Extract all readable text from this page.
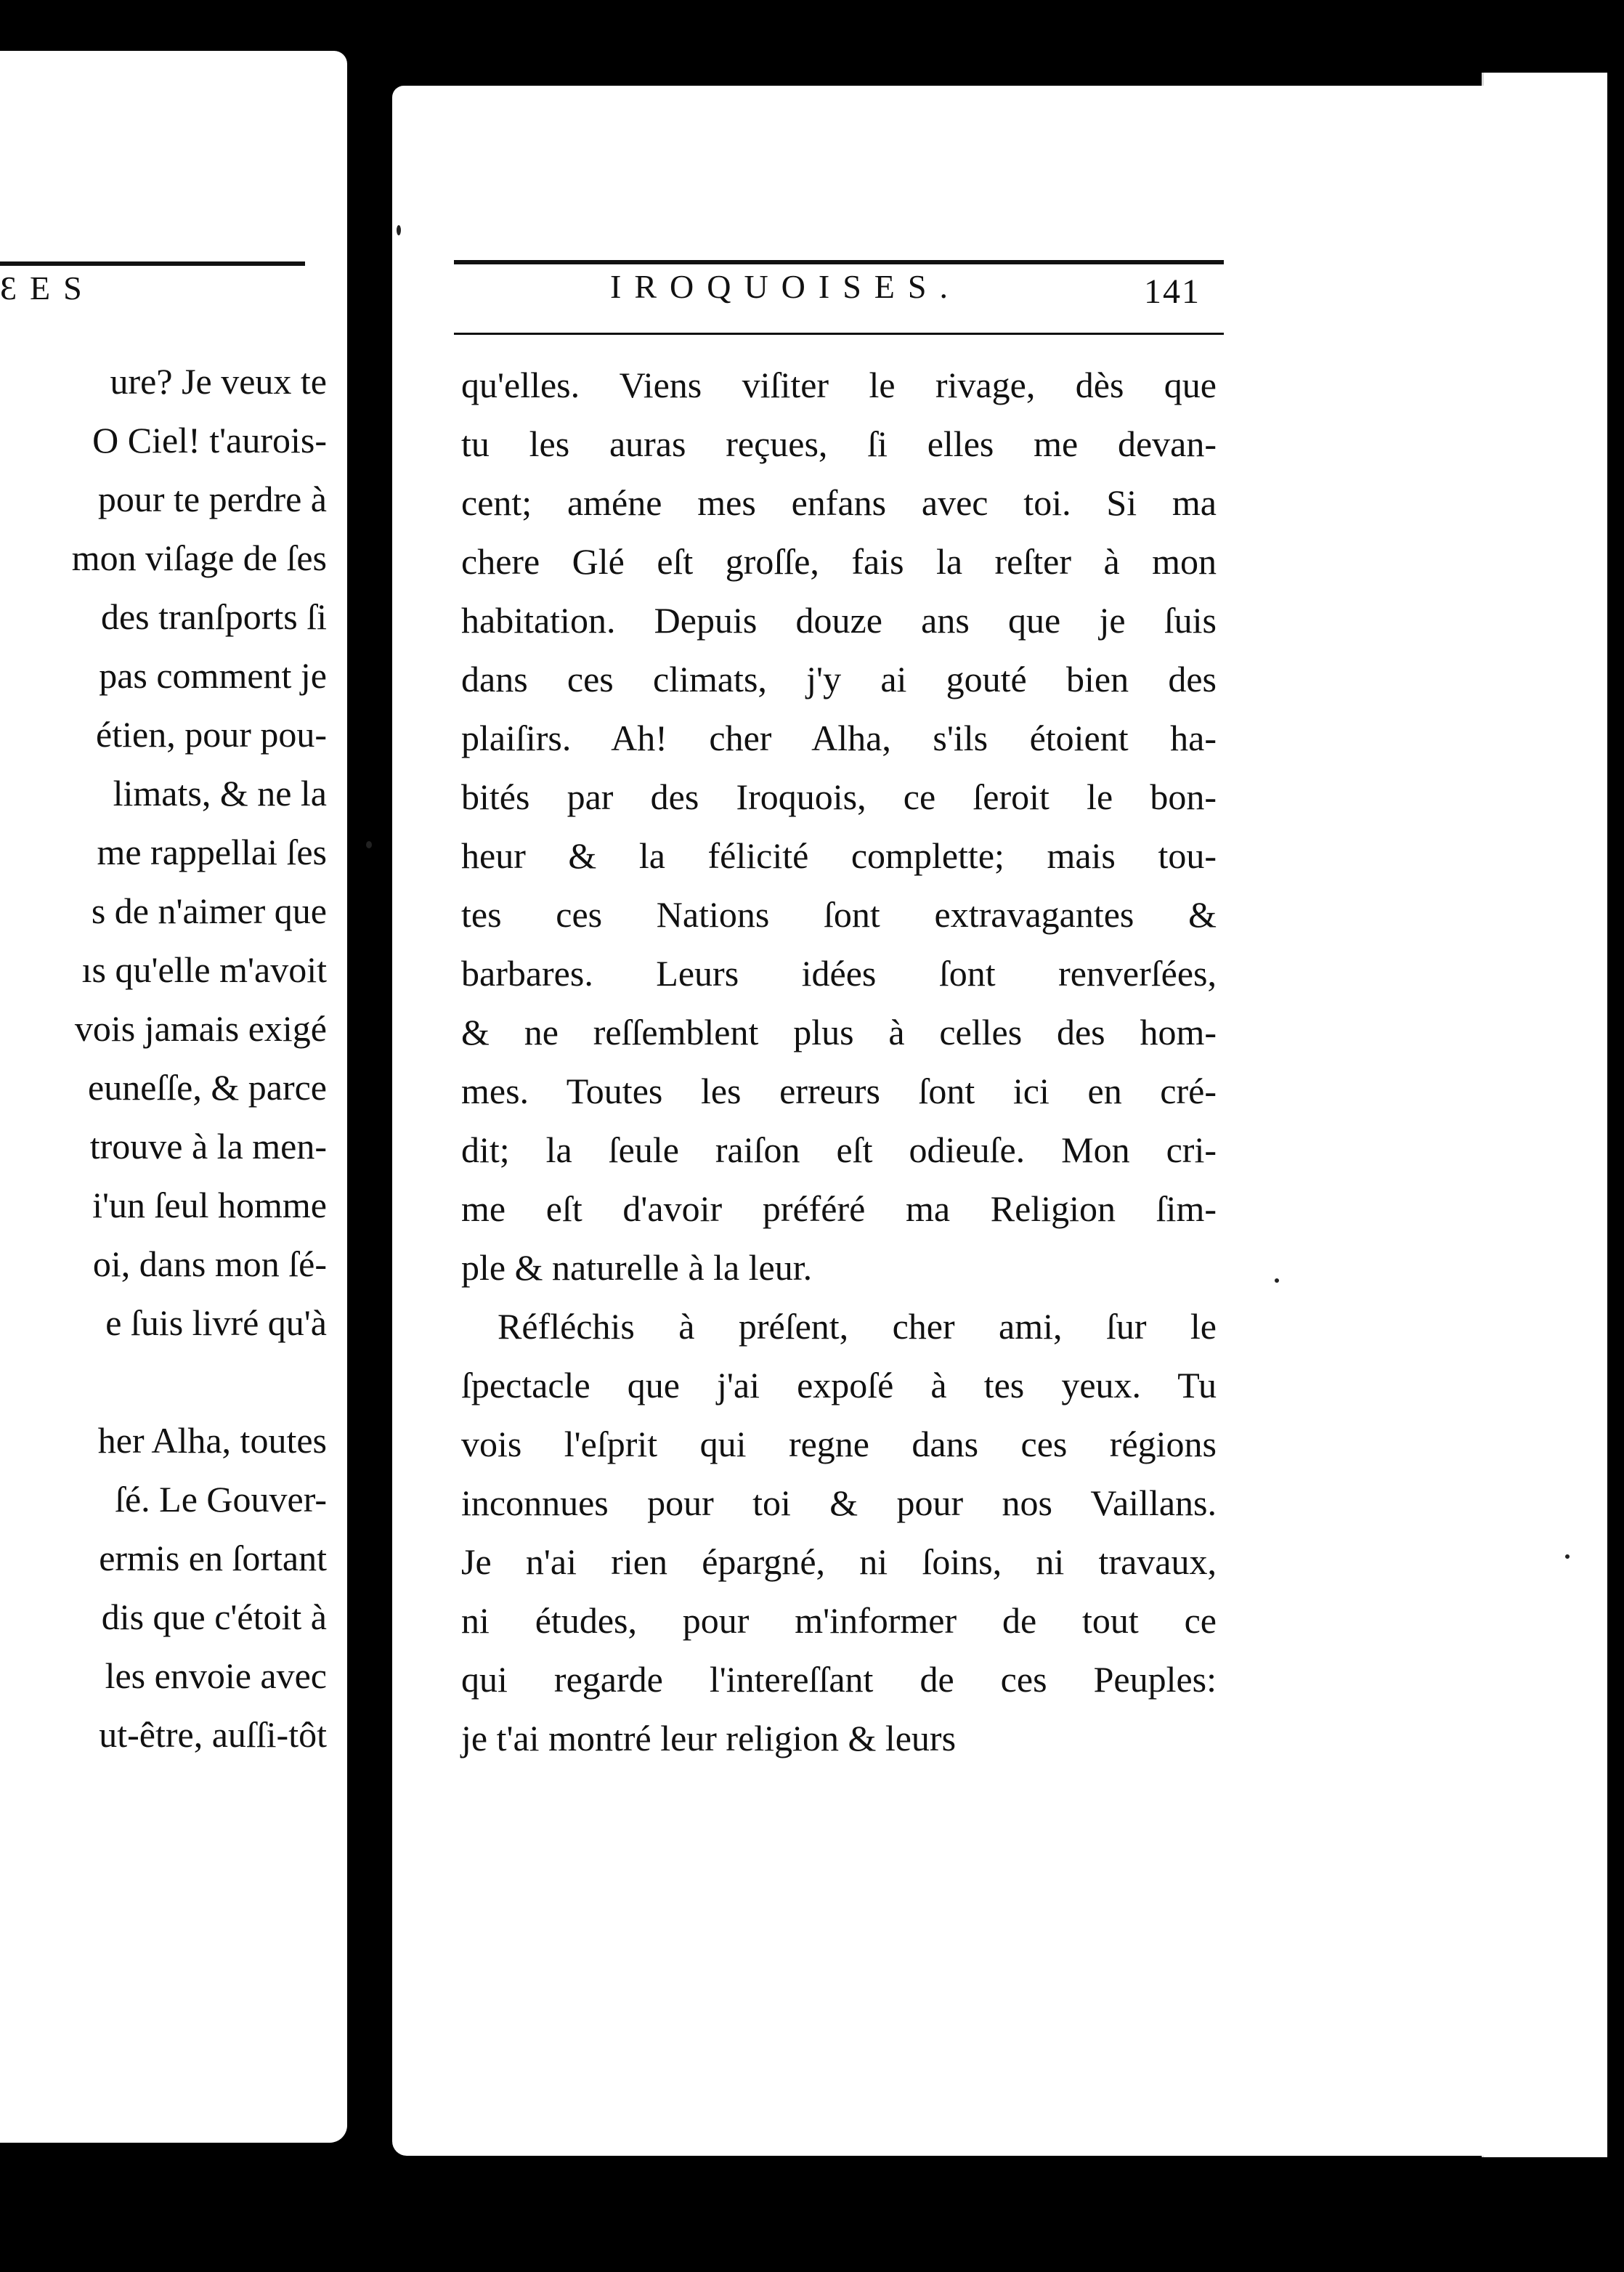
ƐES
ure? Je veux te
O Ciel! t'aurois-
pour te perdre à
mon viſage de ſes
des tranſports ſi
pas comment je
étien, pour pou-
limats, & ne la
me rappellai ſes
s de n'aimer que
ıs qu'elle m'avoit
vois jamais exigé
euneſſe, & parce
trouve à la men-
i'un ſeul homme
oi, dans mon ſé-
e ſuis livré qu'à

her Alha, toutes
ſé. Le Gouver-
ermis en ſortant
dis que c'étoit à
les envoie avec
ut-être, auſſi-tôt
IROQUOISES.	141
qu'elles. Viens viſiter le rivage, dès que
tu les auras reçues, ſi elles me devan-
cent; améne mes enfans avec toi. Si ma
chere Glé eſt groſſe, fais la reſter à mon
habitation. Depuis douze ans que je ſuis
dans ces climats, j'y ai gouté bien des
plaiſirs. Ah! cher Alha, s'ils étoient ha-
bités par des Iroquois, ce ſeroit le bon-
heur & la félicité complette; mais tou-
tes ces Nations ſont extravagantes &
barbares. Leurs idées ſont renverſées,
& ne reſſemblent plus à celles des hom-
mes. Toutes les erreurs ſont ici en cré-
dit; la ſeule raiſon eſt odieuſe. Mon cri-
me eſt d'avoir préféré ma Religion ſim-
ple & naturelle à la leur.
Réfléchis à préſent, cher ami, ſur le
ſpectacle que j'ai expoſé à tes yeux. Tu
vois l'eſprit qui regne dans ces régions
inconnues pour toi & pour nos Vaillans.
Je n'ai rien épargné, ni ſoins, ni travaux,
ni études, pour m'informer de tout ce
qui regarde l'intereſſant de ces Peuples:
je t'ai montré leur religion & leurs
